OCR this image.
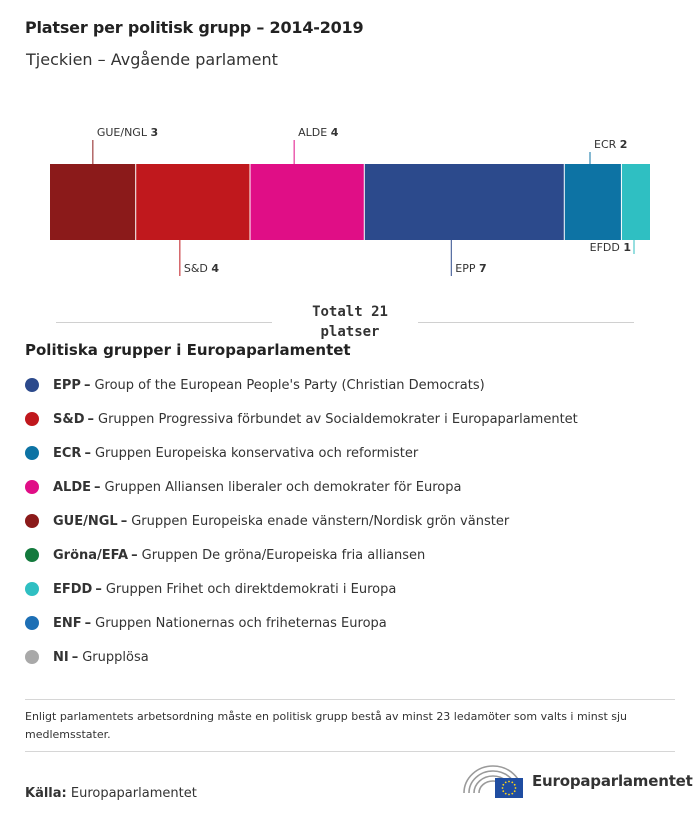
Platser per politisk grupp – 2014-2019
Tjeckien – Avgående parlament
GUE/NGL 3
S&D 4
ALDE 4
EPP 7
ECR 2
EFDD 1
Totalt 21 platser
Politiska grupper i Europaparlamentet
EPP – Group of the European People's Party (Christian Democrats)
S&D – Gruppen Progressiva förbundet av Socialdemokrater i Europaparlamentet
ECR – Gruppen Europeiska konservativa och reformister
ALDE – Gruppen Alliansen liberaler och demokrater för Europa
GUE/NGL – Gruppen Europeiska enade vänstern/Nordisk grön vänster
Gröna/EFA – Gruppen De gröna/Europeiska fria alliansen
EFDD – Gruppen Frihet och direktdemokrati i Europa
ENF – Gruppen Nationernas och friheternas Europa
NI – Grupplösa
Enligt parlamentets arbetsordning måste en politisk grupp bestå av minst 23 ledamöter som valts i minst sju medlemsstater.
Källa: Europaparlamentet
Europaparlamentet
